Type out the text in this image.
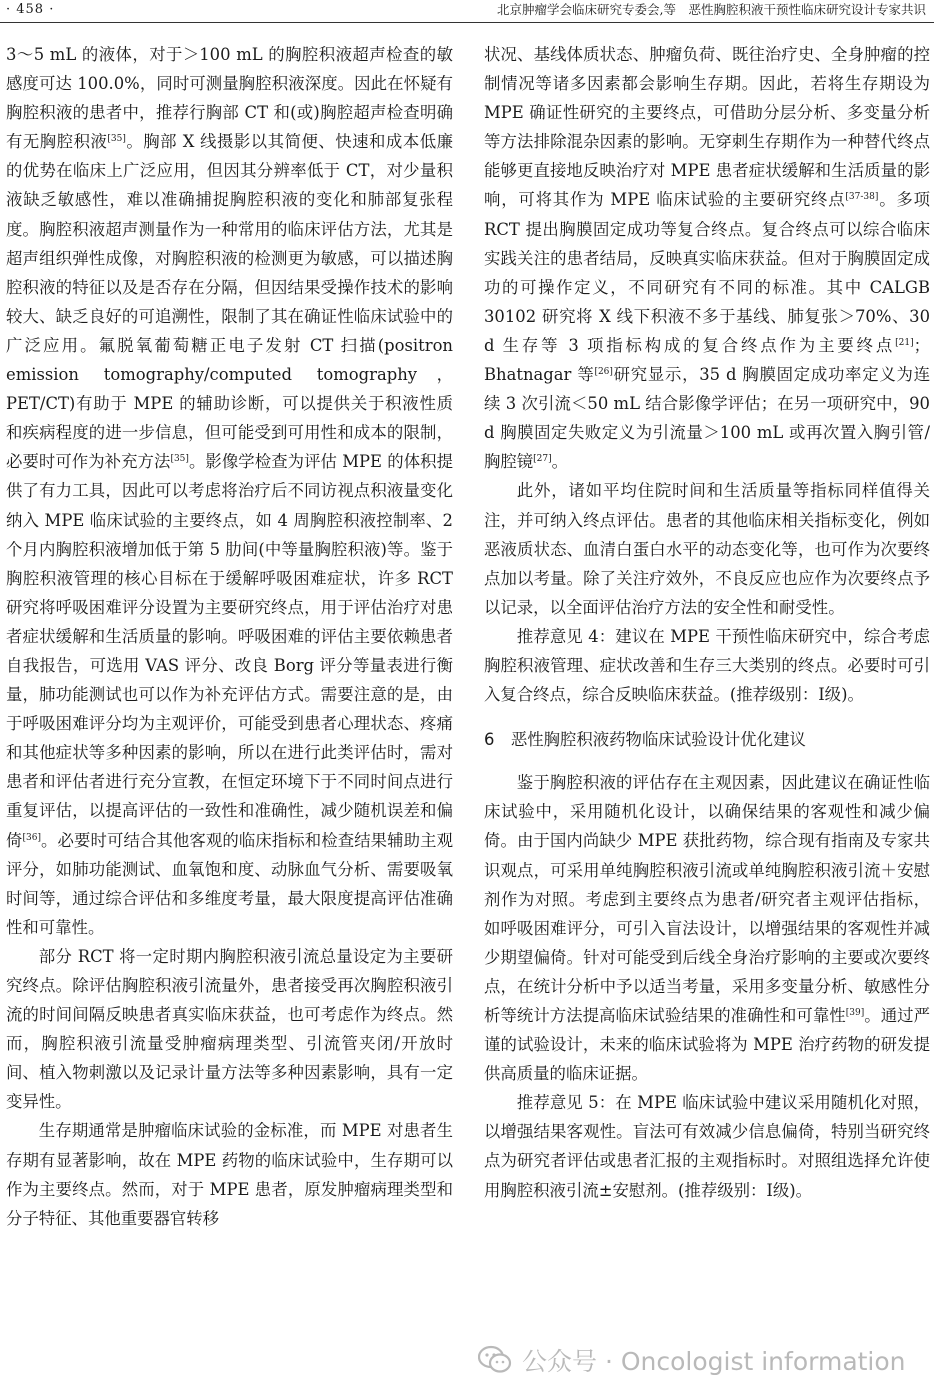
· 458 ·	北京肿瘤学会临床研究专委会,等　恶性胸腔积液干预性临床研究设计专家共识

3～5 mL 的液体，对于＞100 mL 的胸腔积液超声检查的敏感度可达 100.0%，同时可测量胸腔积液深度。因此在怀疑有胸腔积液的患者中，推荐行胸部 CT 和(或)胸腔超声检查明确有无胸腔积液[35]。胸部 X 线摄影以其简便、快速和成本低廉的优势在临床上广泛应用，但因其分辨率低于 CT，对少量积液缺乏敏感性，难以准确捕捉胸腔积液的变化和肺部复张程度。胸腔积液超声测量作为一种常用的临床评估方法，尤其是超声组织弹性成像，对胸腔积液的检测更为敏感，可以描述胸腔积液的特征以及是否存在分隔，但因结果受操作技术的影响较大、缺乏良好的可追溯性，限制了其在确证性临床试验中的广泛应用。氟脱氧葡萄糖正电子发射 CT 扫描(positron emission tomography/computed tomography，PET/CT)有助于 MPE 的辅助诊断，可以提供关于积液性质和疾病程度的进一步信息，但可能受到可用性和成本的限制，必要时可作为补充方法[35]。影像学检查为评估 MPE 的体积提供了有力工具，因此可以考虑将治疗后不同访视点积液量变化纳入 MPE 临床试验的主要终点，如 4 周胸腔积液控制率、2 个月内胸腔积液增加低于第 5 肋间(中等量胸腔积液)等。鉴于胸腔积液管理的核心目标在于缓解呼吸困难症状，许多 RCT 研究将呼吸困难评分设置为主要研究终点，用于评估治疗对患者症状缓解和生活质量的影响。呼吸困难的评估主要依赖患者自我报告，可选用 VAS 评分、改良 Borg 评分等量表进行衡量，肺功能测试也可以作为补充评估方式。需要注意的是，由于呼吸困难评分均为主观评价，可能受到患者心理状态、疼痛和其他症状等多种因素的影响，所以在进行此类评估时，需对患者和评估者进行充分宣教，在恒定环境下于不同时间点进行重复评估，以提高评估的一致性和准确性，减少随机误差和偏倚[36]。必要时可结合其他客观的临床指标和检查结果辅助主观评分，如肺功能测试、血氧饱和度、动脉血气分析、需要吸氧时间等，通过综合评估和多维度考量，最大限度提高评估准确性和可靠性。

部分 RCT 将一定时期内胸腔积液引流总量设定为主要研究终点。除评估胸腔积液引流量外，患者接受再次胸腔积液引流的时间间隔反映患者真实临床获益，也可考虑作为终点。然而，胸腔积液引流量受肿瘤病理类型、引流管夹闭/开放时间、植入物刺激以及记录计量方法等多种因素影响，具有一定变异性。

生存期通常是肿瘤临床试验的金标准，而 MPE 对患者生存期有显著影响，故在 MPE 药物的临床试验中，生存期可以作为主要终点。然而，对于 MPE 患者，原发肿瘤病理类型和分子特征、其他重要器官转移

状况、基线体质状态、肿瘤负荷、既往治疗史、全身肿瘤的控制情况等诸多因素都会影响生存期。因此，若将生存期设为 MPE 确证性研究的主要终点，可借助分层分析、多变量分析等方法排除混杂因素的影响。无穿刺生存期作为一种替代终点能够更直接地反映治疗对 MPE 患者症状缓解和生活质量的影响，可将其作为 MPE 临床试验的主要研究终点[37-38]。多项 RCT 提出胸膜固定成功等复合终点。复合终点可以综合临床实践关注的患者结局，反映真实临床获益。但对于胸膜固定成功的可操作定义，不同研究有不同的标准。其中 CALGB 30102 研究将 X 线下积液不多于基线、肺复张＞70%、30 d 生存等 3 项指标构成的复合终点作为主要终点[21]；Bhatnagar 等[26]研究显示，35 d 胸膜固定成功率定义为连续 3 次引流＜50 mL 结合影像学评估；在另一项研究中，90 d 胸膜固定失败定义为引流量＞100 mL 或再次置入胸引管/胸腔镜[27]。

此外，诸如平均住院时间和生活质量等指标同样值得关注，并可纳入终点评估。患者的其他临床相关指标变化，例如恶液质状态、血清白蛋白水平的动态变化等，也可作为次要终点加以考量。除了关注疗效外，不良反应也应作为次要终点予以记录，以全面评估治疗方法的安全性和耐受性。

推荐意见 4：建议在 MPE 干预性临床研究中，综合考虑胸腔积液管理、症状改善和生存三大类别的终点。必要时可引入复合终点，综合反映临床获益。(推荐级别：Ⅰ级)。

6　恶性胸腔积液药物临床试验设计优化建议

鉴于胸腔积液的评估存在主观因素，因此建议在确证性临床试验中，采用随机化设计，以确保结果的客观性和减少偏倚。由于国内尚缺少 MPE 获批药物，综合现有指南及专家共识观点，可采用单纯胸腔积液引流或单纯胸腔积液引流＋安慰剂作为对照。考虑到主要终点为患者/研究者主观评估指标，如呼吸困难评分，可引入盲法设计，以增强结果的客观性并减少期望偏倚。针对可能受到后线全身治疗影响的主要或次要终点，在统计分析中予以适当考量，采用多变量分析、敏感性分析等统计方法提高临床试验结果的准确性和可靠性[39]。通过严谨的试验设计，未来的临床试验将为 MPE 治疗药物的研发提供高质量的临床证据。

推荐意见 5：在 MPE 临床试验中建议采用随机化对照，以增强结果客观性。盲法可有效减少信息偏倚，特别当研究终点为研究者评估或患者汇报的主观指标时。对照组选择允许使用胸腔积液引流±安慰剂。(推荐级别：Ⅰ级)。

公众号 · Oncologist information
